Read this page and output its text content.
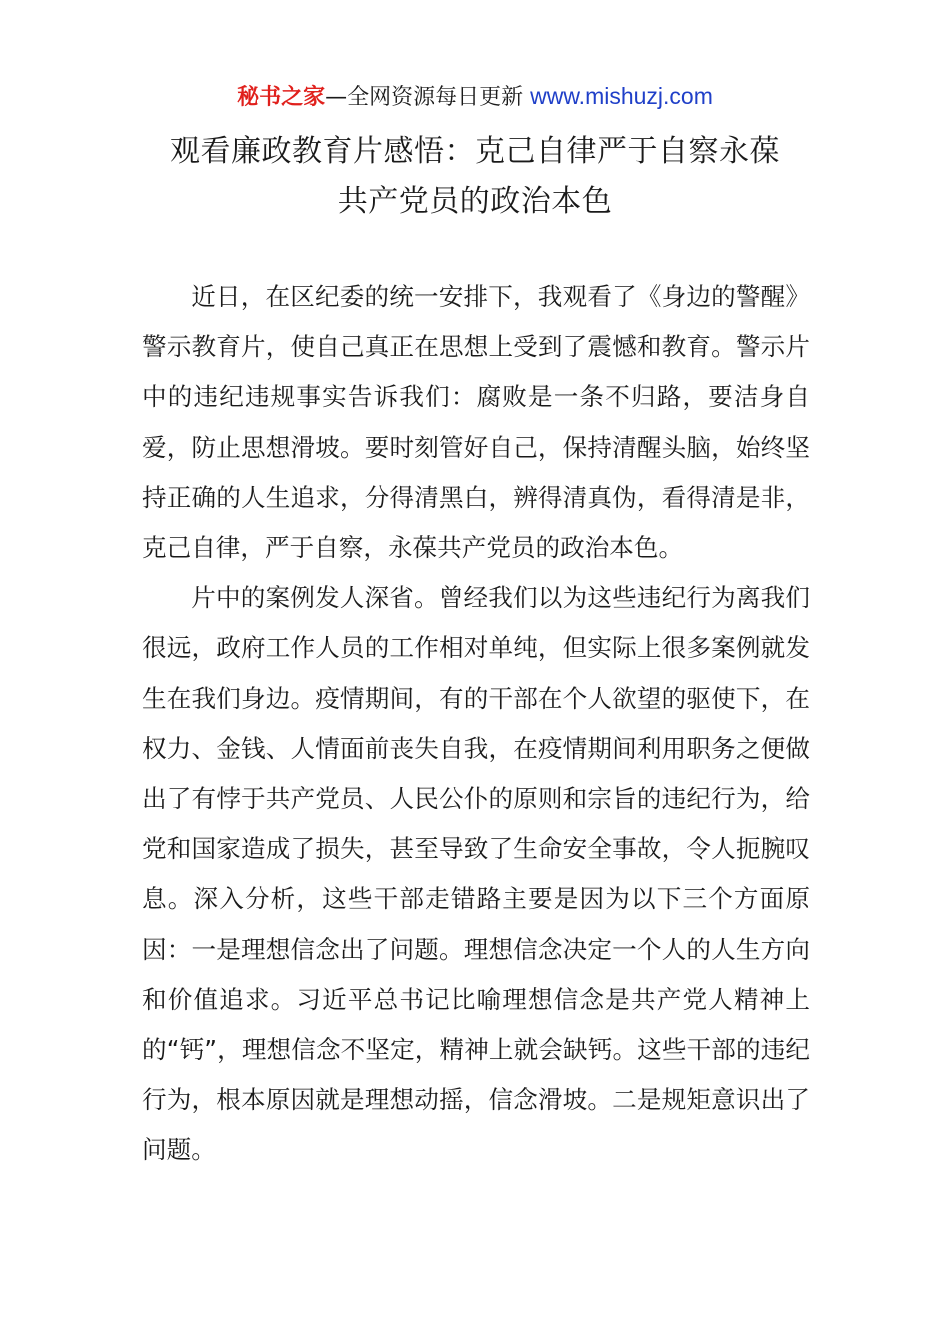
秘书之家—全网资源每日更新 www.mishuzj.com
观看廉政教育片感悟：克己自律严于自察永葆
共产党员的政治本色

近日，在区纪委的统一安排下，我观看了《身边的警醒》警示教育片，使自己真正在思想上受到了震憾和教育。警示片中的违纪违规事实告诉我们：腐败是一条不归路，要洁身自爱，防止思想滑坡。要时刻管好自己，保持清醒头脑，始终坚持正确的人生追求，分得清黑白，辨得清真伪，看得清是非，克己自律，严于自察，永葆共产党员的政治本色。

片中的案例发人深省。曾经我们以为这些违纪行为离我们很远，政府工作人员的工作相对单纯，但实际上很多案例就发生在我们身边。疫情期间，有的干部在个人欲望的驱使下，在权力、金钱、人情面前丧失自我，在疫情期间利用职务之便做出了有悖于共产党员、人民公仆的原则和宗旨的违纪行为，给党和国家造成了损失，甚至导致了生命安全事故，令人扼腕叹息。深入分析，这些干部走错路主要是因为以下三个方面原因：一是理想信念出了问题。理想信念决定一个人的人生方向和价值追求。习近平总书记比喻理想信念是共产党人精神上的“钙”，理想信念不坚定，精神上就会缺钙。这些干部的违纪行为，根本原因就是理想动摇，信念滑坡。二是规矩意识出了问题。
